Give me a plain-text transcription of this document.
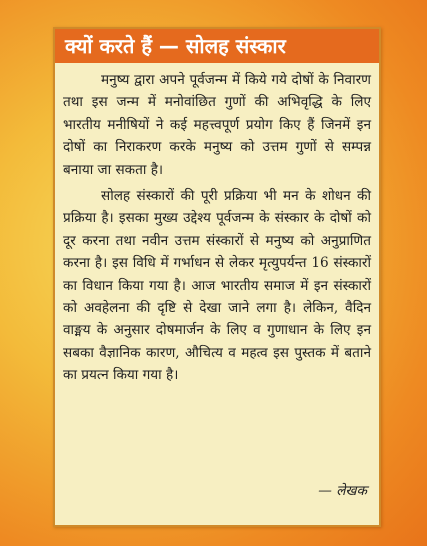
क्यों करते हैं — सोलह संस्कार

मनुष्य द्वारा अपने पूर्वजन्म में किये गये दोषों के निवारण तथा इस जन्म में मनोवांछित गुणों की अभिवृद्धि के लिए भारतीय मनीषियों ने कई महत्त्वपूर्ण प्रयोग किए हैं जिनमें इन दोषों का निराकरण करके मनुष्य को उत्तम गुणों से सम्पन्न बनाया जा सकता है।

सोलह संस्कारों की पूरी प्रक्रिया भी मन के शोधन की प्रक्रिया है। इसका मुख्य उद्देश्य पूर्वजन्म के संस्कार के दोषों को दूर करना तथा नवीन उत्तम संस्कारों से मनुष्य को अनुप्राणित करना है। इस विधि में गर्भाधन से लेकर मृत्युपर्यन्त 16 संस्कारों का विधान किया गया है। आज भारतीय समाज में इन संस्कारों को अवहेलना की दृष्टि से देखा जाने लगा है। लेकिन, वैदिन वाङ्मय के अनुसार दोषमार्जन के लिए व गुणाधान के लिए इन सबका वैज्ञानिक कारण, औचित्य व महत्व इस पुस्तक में बताने का प्रयत्न किया गया है।

— लेखक
